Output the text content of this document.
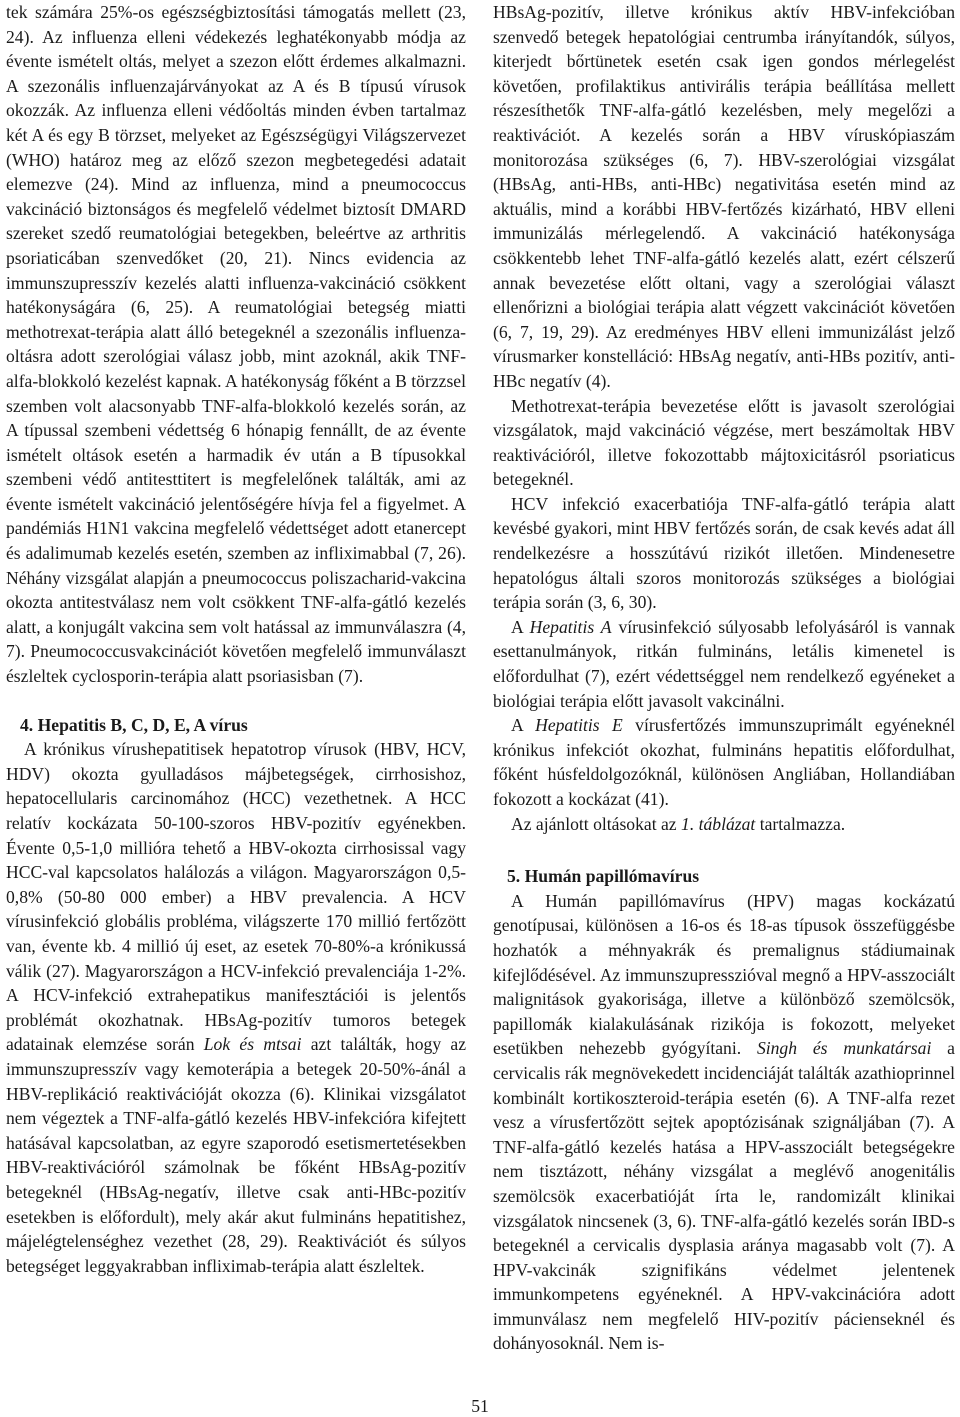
tek számára 25%-os egészségbiztosítási támogatás mellett (23, 24). Az influenza elleni védekezés leghatékonyabb módja az évente ismételt oltás, melyet a szezon előtt érdemes alkalmazni. A szezonális influenzajárványokat az A és B típusú vírusok okozzák. Az influenza elleni védőoltás minden évben tartalmaz két A és egy B törzset, melyeket az Egészségügyi Világszervezet (WHO) határoz meg az előző szezon megbetegedési adatait elemezve (24). Mind az influenza, mind a pneumococcus vakcináció biztonságos és megfelelő védelmet biztosít DMARD szereket szedő reumatológiai betegekben, beleértve az arthritis psoriaticában szenvedőket (20, 21). Nincs evidencia az immunszupresszív kezelés alatti influenza-vakcináció csökkent hatékonyságára (6, 25). A reumatológiai betegség miatti methotrexat-terápia alatt álló betegeknél a szezonális influenza-oltásra adott szerológiai válasz jobb, mint azoknál, akik TNF-alfa-blokkoló kezelést kapnak. A hatékonyság főként a B törzzsel szemben volt alacsonyabb TNF-alfa-blokkoló kezelés során, az A típussal szembeni védettség 6 hónapig fennállt, de az évente ismételt oltások esetén a harmadik év után a B típusokkal szembeni védő antitesttitert is megfelelőnek találták, ami az évente ismételt vakcináció jelentőségére hívja fel a figyelmet. A pandémiás H1N1 vakcina megfelelő védettséget adott etanercept és adalimumab kezelés esetén, szemben az infliximabbal (7, 26). Néhány vizsgálat alapján a pneumococcus poliszacharid-vakcina okozta antitestválasz nem volt csökkent TNF-alfa-gátló kezelés alatt, a konjugált vakcina sem volt hatással az immunválaszra (4, 7). Pneumococcusvakcinációt követően megfelelő immunválaszt észleltek cyclosporin-terápia alatt psoriasisban (7).

4. Hepatitis B, C, D, E, A vírus

A krónikus vírushepatitisek hepatotrop vírusok (HBV, HCV, HDV) okozta gyulladásos májbetegségek, cirrhosishoz, hepatocellularis carcinomához (HCC) vezethetnek. A HCC relatív kockázata 50-100-szoros HBV-pozitív egyénekben. Évente 0,5-1,0 millióra tehető a HBV-okozta cirrhosissal vagy HCC-val kapcsolatos halálozás a világon. Magyarországon 0,5-0,8% (50-80 000 ember) a HBV prevalencia. A HCV vírusinfekció globális probléma, világszerte 170 millió fertőzött van, évente kb. 4 millió új eset, az esetek 70-80%-a krónikussá válik (27). Magyarországon a HCV-infekció prevalenciája 1-2%. A HCV-infekció extrahepatikus manifesztációi is jelentős problémát okozhatnak. HBsAg-pozitív tumoros betegek adatainak elemzése során Lok és mtsai azt találták, hogy az immunszupresszív vagy kemoterápia a betegek 20-50%-ánál a HBV-replikáció reaktivációját okozza (6). Klinikai vizsgálatot nem végeztek a TNF-alfa-gátló kezelés HBV-infekcióra kifejtett hatásával kapcsolatban, az egyre szaporodó esetismertetésekben HBV-reaktivációról számolnak be főként HBsAg-pozitív betegeknél (HBsAg-negatív, illetve csak anti-HBc-pozitív esetekben is előfordult), mely akár akut fulmináns hepatitishez, májelégtelenséghez vezethet (28, 29). Reaktivációt és súlyos betegséget leggyakrabban infliximab-terápia alatt észleltek.

HBsAg-pozitív, illetve krónikus aktív HBV-infekcióban szenvedő betegek hepatológiai centrumba irányítandók, súlyos, kiterjedt bőrtünetek esetén csak igen gondos mérlegelést követően, profilaktikus antivirális terápia beállítása mellett részesíthetők TNF-alfa-gátló kezelésben, mely megelőzi a reaktivációt. A kezelés során a HBV víruskópiaszám monitorozása szükséges (6, 7). HBV-szerológiai vizsgálat (HBsAg, anti-HBs, anti-HBc) negativitása esetén mind az aktuális, mind a korábbi HBV-fertőzés kizárható, HBV elleni immunizálás mérlegelendő. A vakcináció hatékonysága csökkentebb lehet TNF-alfa-gátló kezelés alatt, ezért célszerű annak bevezetése előtt oltani, vagy a szerológiai választ ellenőrizni a biológiai terápia alatt végzett vakcinációt követően (6, 7, 19, 29). Az eredményes HBV elleni immunizálást jelző vírusmarker konstelláció: HBsAg negatív, anti-HBs pozitív, anti-HBc negatív (4).

Methotrexat-terápia bevezetése előtt is javasolt szerológiai vizsgálatok, majd vakcináció végzése, mert beszámoltak HBV reaktivációról, illetve fokozottabb májtoxicitásról psoriaticus betegeknél.

HCV infekció exacerbatiója TNF-alfa-gátló terápia alatt kevésbé gyakori, mint HBV fertőzés során, de csak kevés adat áll rendelkezésre a hosszútávú rizikót illetően. Mindenesetre hepatológus általi szoros monitorozás szükséges a biológiai terápia során (3, 6, 30).

A Hepatitis A vírusinfekció súlyosabb lefolyásáról is vannak esettanulmányok, ritkán fulmináns, letális kimenetel is előfordulhat (7), ezért védettséggel nem rendelkező egyéneket a biológiai terápia előtt javasolt vakcinálni.

A Hepatitis E vírusfertőzés immunszuprimált egyéneknél krónikus infekciót okozhat, fulmináns hepatitis előfordulhat, főként húsfeldolgozóknál, különösen Angliában, Hollandiában fokozott a kockázat (41).

Az ajánlott oltásokat az 1. táblázat tartalmazza.

5. Humán papillómavírus

A Humán papillómavírus (HPV) magas kockázatú genotípusai, különösen a 16-os és 18-as típusok összefüggésbe hozhatók a méhnyakrák és premalignus stádiumainak kifejlődésével. Az immunszupresszióval megnő a HPV-asszociált malignitások gyakorisága, illetve a különböző szemölcsök, papillomák kialakulásának rizikója is fokozott, melyeket esetükben nehezebb gyógyítani. Singh és munkatársai a cervicalis rák megnövekedett incidenciáját találták azathioprinnel kombinált kortikoszteroid-terápia esetén (6). A TNF-alfa rezet vesz a vírusfertőzött sejtek apoptózisának szignáljában (7). A TNF-alfa-gátló kezelés hatása a HPV-asszociált betegségekre nem tisztázott, néhány vizsgálat a meglévő anogenitális szemölcsök exacerbatióját írta le, randomizált klinikai vizsgálatok nincsenek (3, 6). TNF-alfa-gátló kezelés során IBD-s betegeknél a cervicalis dysplasia aránya magasabb volt (7). A HPV-vakcinák szignifikáns védelmet jelentenek immunkompetens egyéneknél. A HPV-vakcinációra adott immunválasz nem megfelelő HIV-pozitív pácienseknél és dohányosoknál. Nem is-

51
